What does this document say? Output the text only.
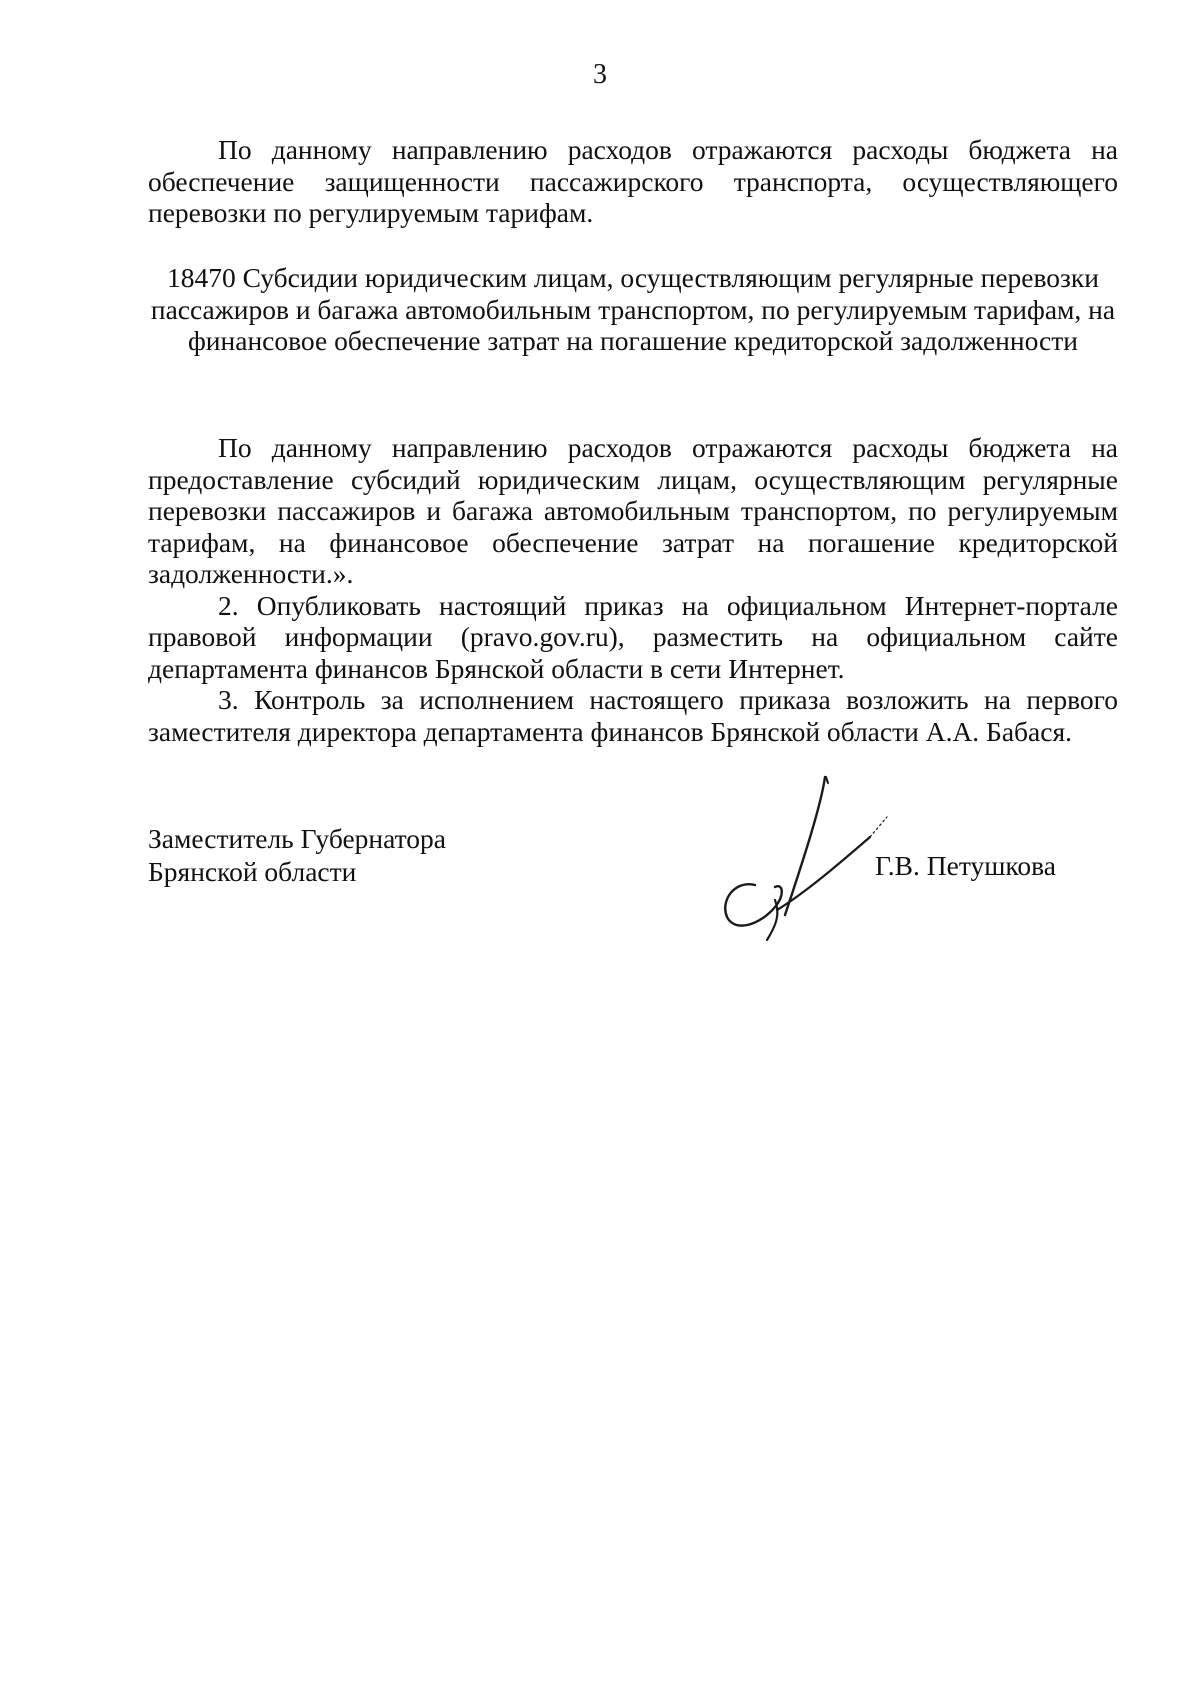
3

По данному направлению расходов отражаются расходы бюджета на обеспечение защищенности пассажирского транспорта, осуществляющего перевозки по регулируемым тарифам.

18470 Субсидии юридическим лицам, осуществляющим регулярные перевозки пассажиров и багажа автомобильным транспортом, по регулируемым тарифам, на финансовое обеспечение затрат на погашение кредиторской задолженности

По данному направлению расходов отражаются расходы бюджета на предоставление субсидий юридическим лицам, осуществляющим регулярные перевозки пассажиров и багажа автомобильным транспортом, по регулируемым тарифам, на финансовое обеспечение затрат на погашение кредиторской задолженности.».

2. Опубликовать настоящий приказ на официальном Интернет-портале правовой информации (pravo.gov.ru), разместить на официальном сайте департамента финансов Брянской области в сети Интернет.

3. Контроль за исполнением настоящего приказа возложить на первого заместителя директора департамента финансов Брянской области А.А. Бабася.

Заместитель Губернатора
Брянской области	Г.В. Петушкова
